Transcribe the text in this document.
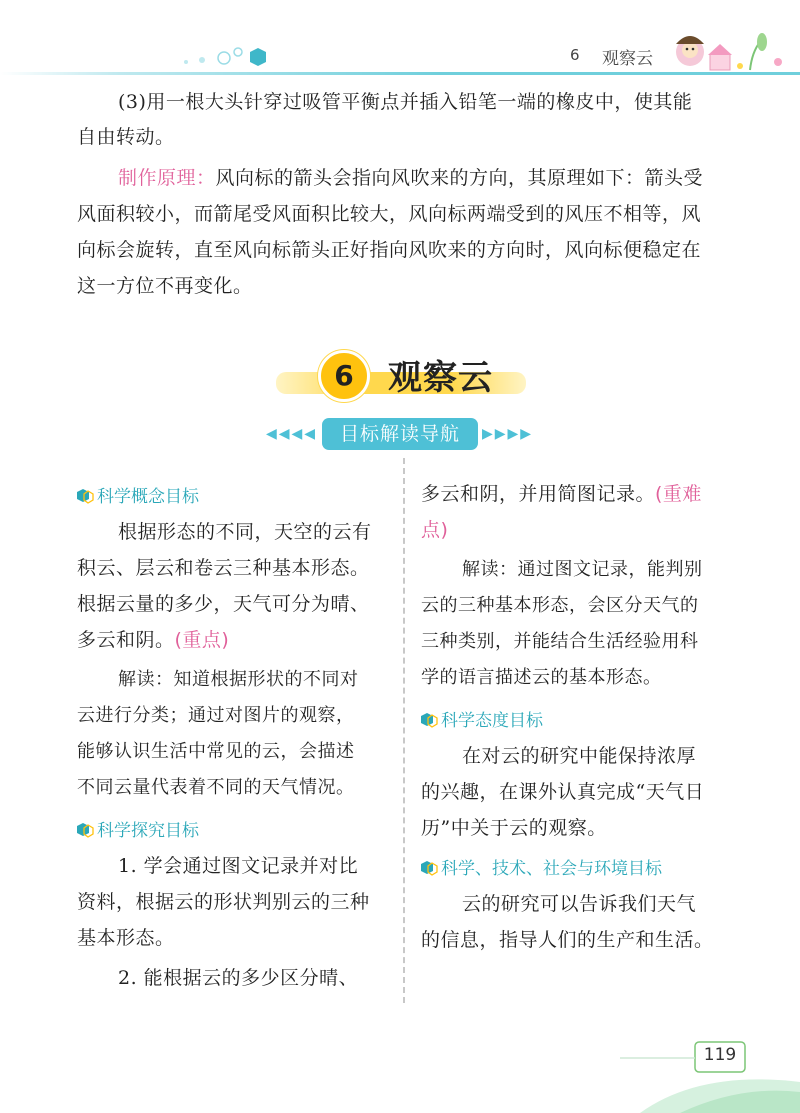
6 观察云
(3)用一根大头针穿过吸管平衡点并插入铅笔一端的橡皮中，使其能
自由转动。
制作原理：风向标的箭头会指向风吹来的方向，其原理如下：箭头受
风面积较小，而箭尾受风面积比较大，风向标两端受到的风压不相等，风
向标会旋转，直至风向标箭头正好指向风吹来的方向时，风向标便稳定在
这一方位不再变化。
6	观察云
◀◀◀◀	目标解读导航	▶▶▶▶
科学概念目标
根据形态的不同，天空的云有
积云、层云和卷云三种基本形态。
根据云量的多少，天气可分为晴、
多云和阴。(重点)
解读：知道根据形状的不同对
云进行分类；通过对图片的观察，
能够认识生活中常见的云，会描述
不同云量代表着不同的天气情况。
科学探究目标
1. 学会通过图文记录并对比
资料，根据云的形状判别云的三种
基本形态。
2. 能根据云的多少区分晴、
多云和阴，并用简图记录。(重难
点)
解读：通过图文记录，能判别
云的三种基本形态，会区分天气的
三种类别，并能结合生活经验用科
学的语言描述云的基本形态。
科学态度目标
在对云的研究中能保持浓厚
的兴趣，在课外认真完成“天气日
历”中关于云的观察。
科学、技术、社会与环境目标
云的研究可以告诉我们天气
的信息，指导人们的生产和生活。
119
